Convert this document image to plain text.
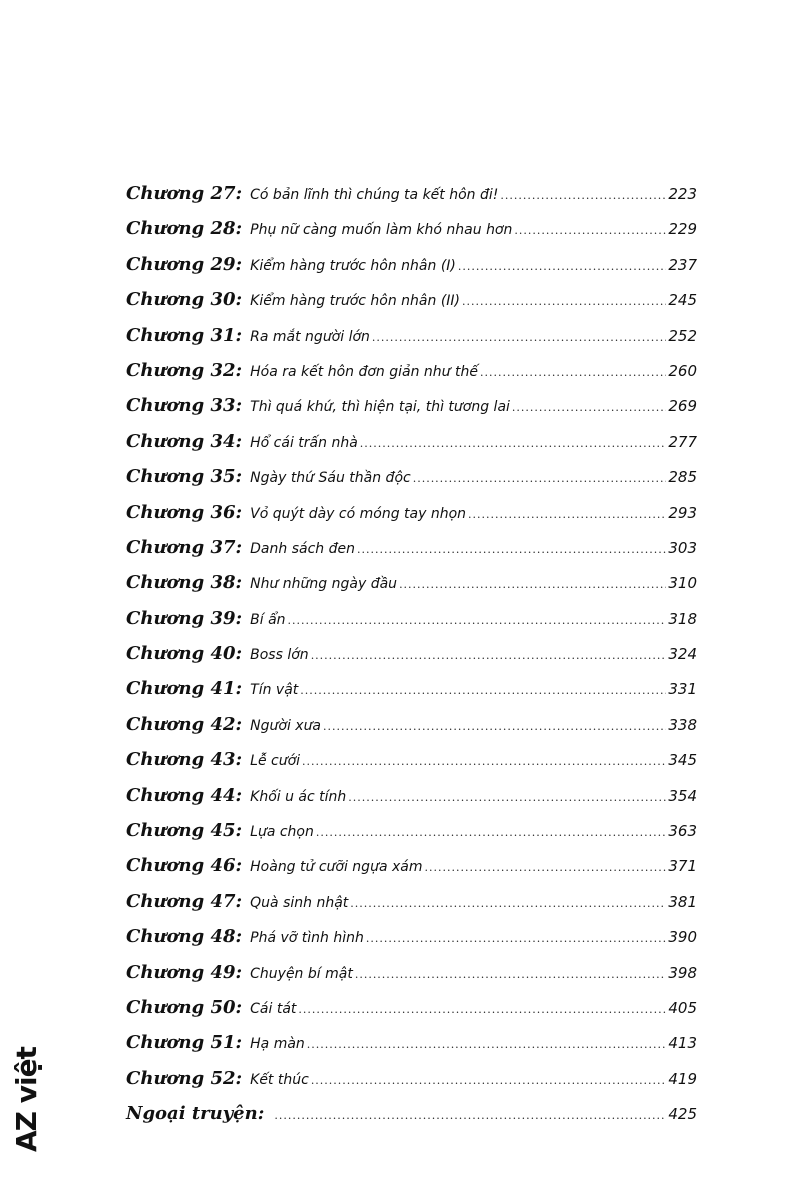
Chương 27: Có bản lĩnh thì chúng ta kết hôn đi! .....	223
Chương 28: Phụ nữ càng muốn làm khó nhau hơn .....	229
Chương 29: Kiểm hàng trước hôn nhân (I) .....	237
Chương 30: Kiểm hàng trước hôn nhân (II) .....	245
Chương 31: Ra mắt người lớn .....	252
Chương 32: Hóa ra kết hôn đơn giản như thế .....	260
Chương 33: Thì quá khứ, thì hiện tại, thì tương lai .....	269
Chương 34: Hổ cái trấn nhà .....	277
Chương 35: Ngày thứ Sáu thần độc .....	285
Chương 36: Vỏ quýt dày có móng tay nhọn .....	293
Chương 37: Danh sách đen .....	303
Chương 38: Như những ngày đầu .....	310
Chương 39: Bí ẩn .....	318
Chương 40: Boss lớn .....	324
Chương 41: Tín vật .....	331
Chương 42: Người xưa .....	338
Chương 43: Lễ cưới .....	345
Chương 44: Khối u ác tính .....	354
Chương 45: Lựa chọn .....	363
Chương 46: Hoàng tử cưỡi ngựa xám .....	371
Chương 47: Quà sinh nhật .....	381
Chương 48: Phá vỡ tình hình .....	390
Chương 49: Chuyện bí mật .....	398
Chương 50: Cái tát .....	405
Chương 51: Hạ màn .....	413
Chương 52: Kết thúc .....	419
Ngoại truyện: .....	425
AZ việt
